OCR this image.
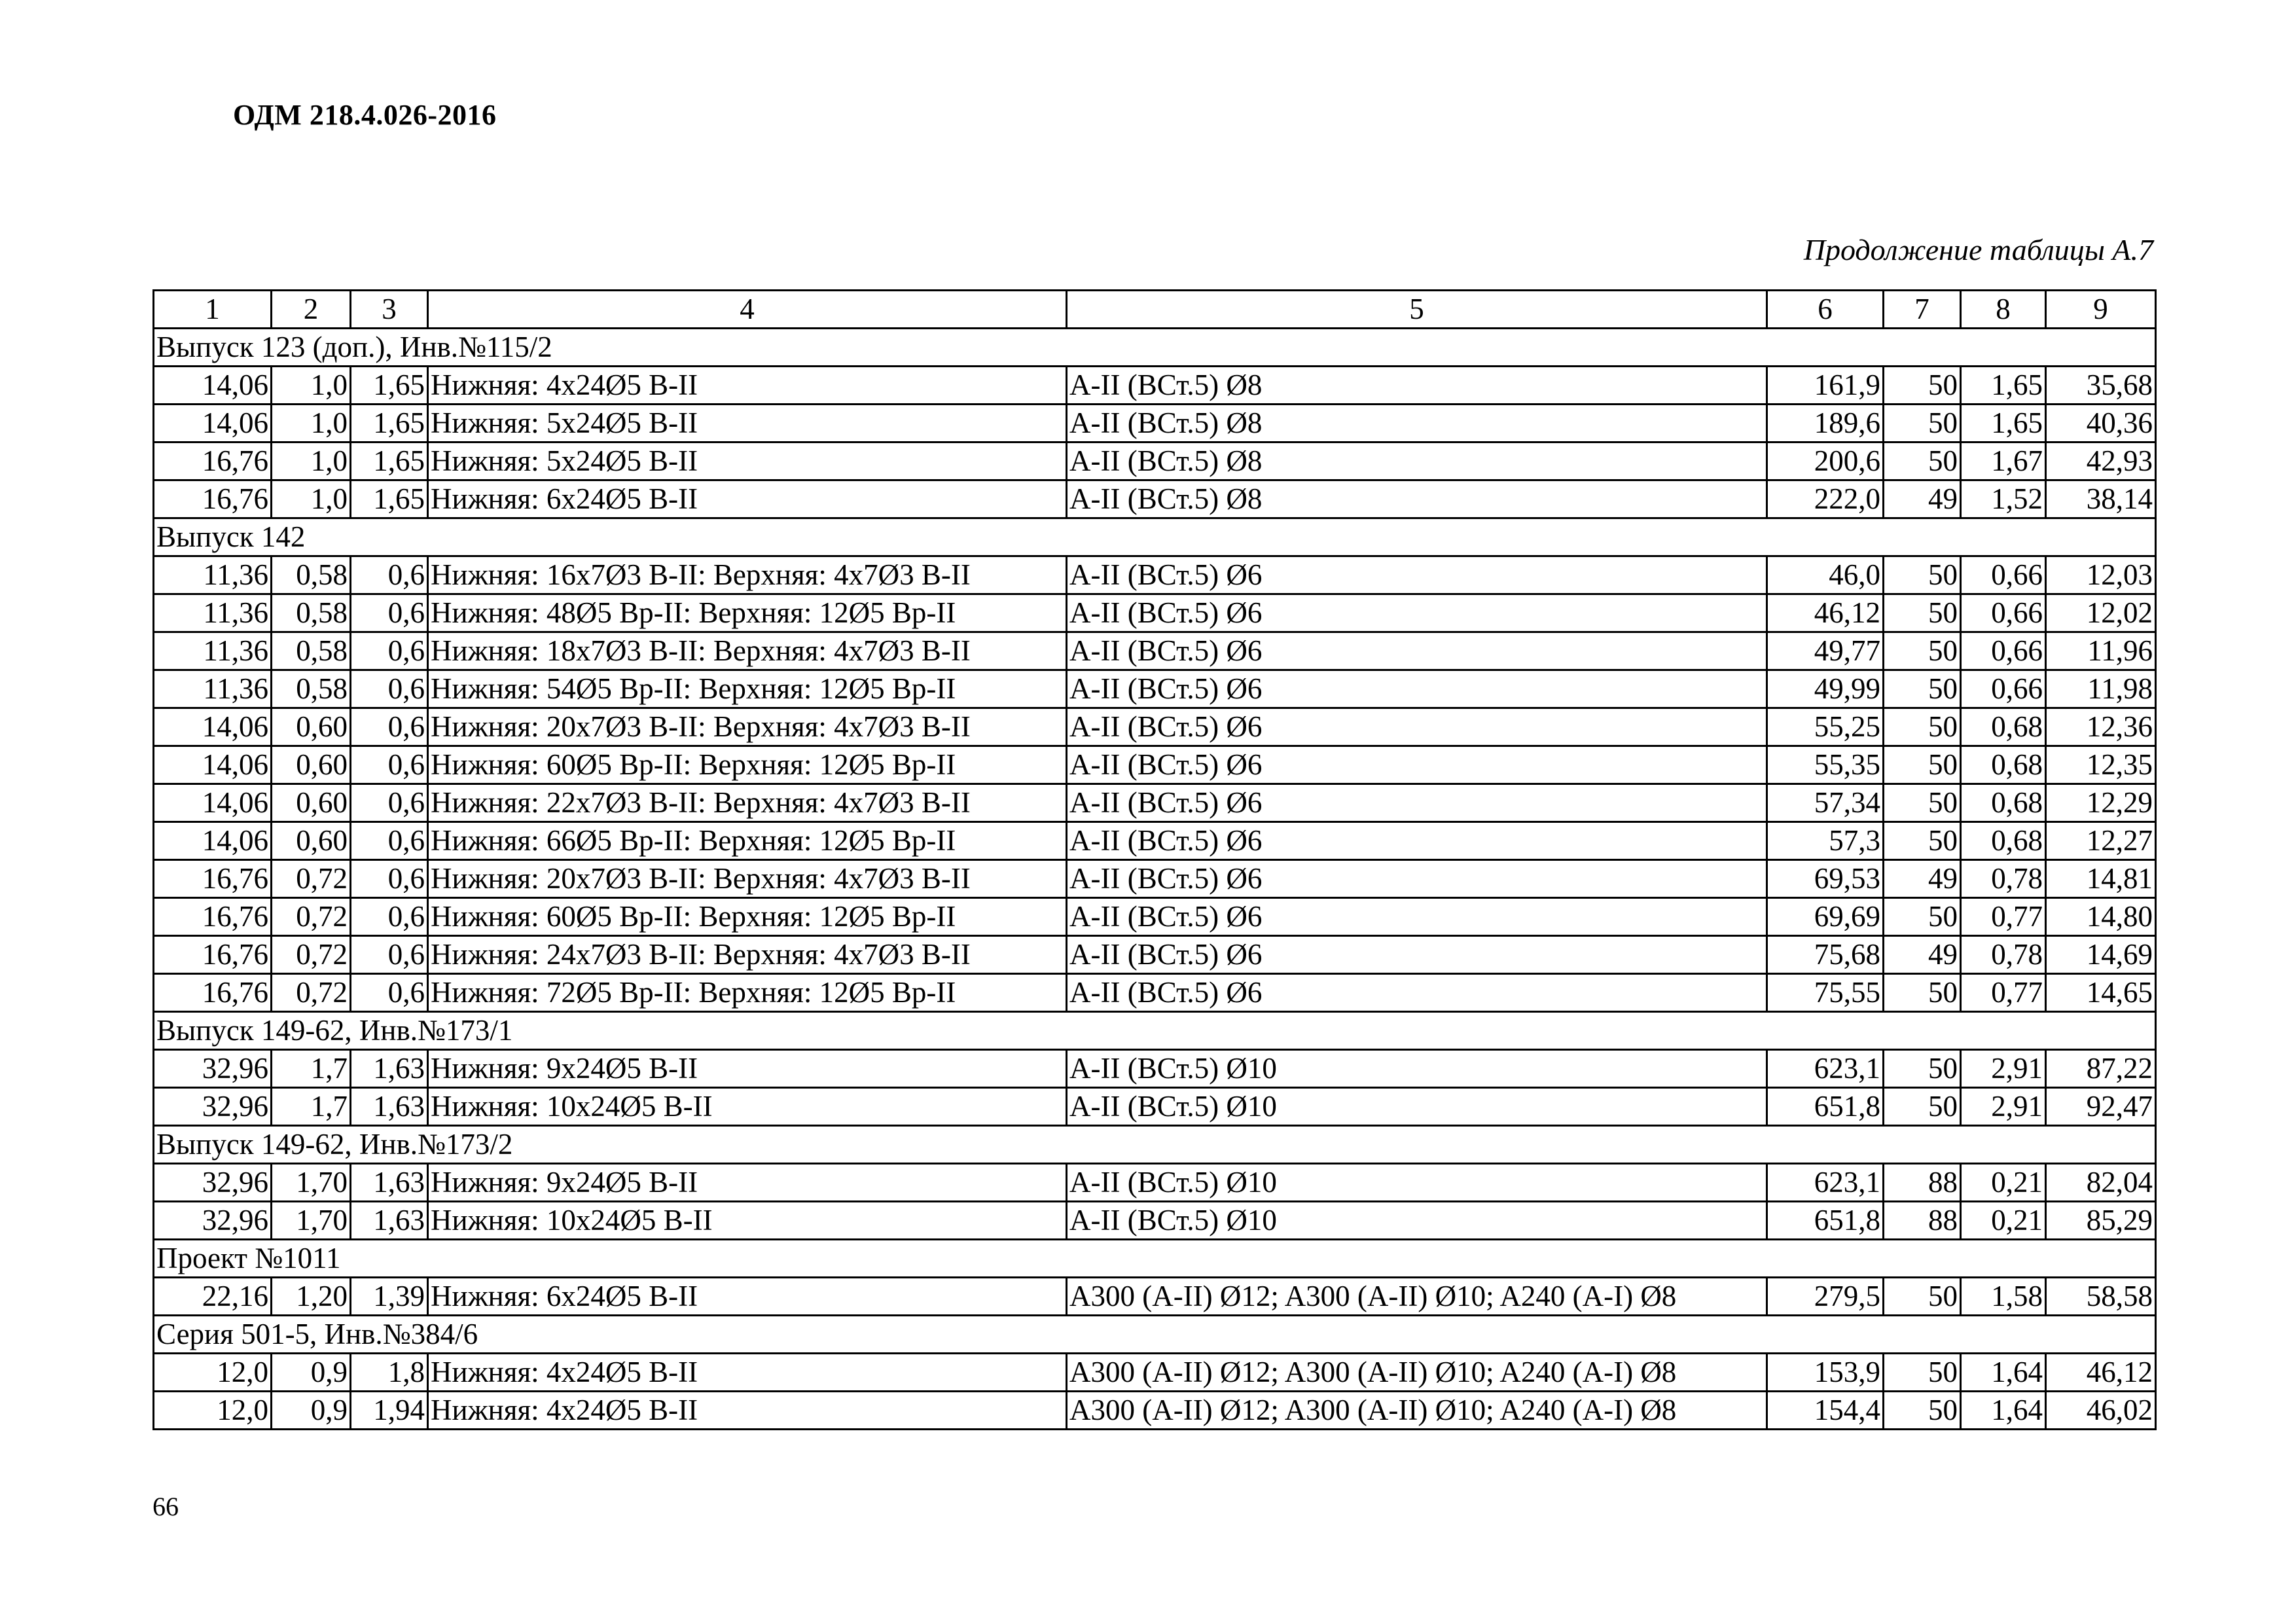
ОДМ 218.4.026-2016
Продолжение таблицы А.7
1	2	3	4	5	6	7	8	9
Выпуск 123 (доп.), Инв.№115/2								
14,06	1,0	1,65	Нижняя: 4х24Ø5 В-II	A-II (ВСт.5) Ø8	161,9	50	1,65	35,68
14,06	1,0	1,65	Нижняя: 5х24Ø5 В-II	A-II (ВСт.5) Ø8	189,6	50	1,65	40,36
16,76	1,0	1,65	Нижняя: 5х24Ø5 В-II	A-II (ВСт.5) Ø8	200,6	50	1,67	42,93
16,76	1,0	1,65	Нижняя: 6х24Ø5 В-II	A-II (ВСт.5) Ø8	222,0	49	1,52	38,14
Выпуск 142								
11,36	0,58	0,6	Нижняя: 16х7Ø3 В-II: Верхняя: 4х7Ø3 В-II	A-II (ВСт.5) Ø6	46,0	50	0,66	12,03
11,36	0,58	0,6	Нижняя: 48Ø5 Вр-II: Верхняя: 12Ø5 Вр-II	A-II (ВСт.5) Ø6	46,12	50	0,66	12,02
11,36	0,58	0,6	Нижняя: 18х7Ø3 В-II: Верхняя: 4х7Ø3 В-II	A-II (ВСт.5) Ø6	49,77	50	0,66	11,96
11,36	0,58	0,6	Нижняя: 54Ø5 Вр-II: Верхняя: 12Ø5 Вр-II	A-II (ВСт.5) Ø6	49,99	50	0,66	11,98
14,06	0,60	0,6	Нижняя: 20х7Ø3 В-II: Верхняя: 4х7Ø3 В-II	A-II (ВСт.5) Ø6	55,25	50	0,68	12,36
14,06	0,60	0,6	Нижняя: 60Ø5 Вр-II: Верхняя: 12Ø5 Вр-II	A-II (ВСт.5) Ø6	55,35	50	0,68	12,35
14,06	0,60	0,6	Нижняя: 22х7Ø3 В-II: Верхняя: 4х7Ø3 В-II	A-II (ВСт.5) Ø6	57,34	50	0,68	12,29
14,06	0,60	0,6	Нижняя: 66Ø5 Вр-II: Верхняя: 12Ø5 Вр-II	A-II (ВСт.5) Ø6	57,3	50	0,68	12,27
16,76	0,72	0,6	Нижняя: 20х7Ø3 В-II: Верхняя: 4х7Ø3 В-II	A-II (ВСт.5) Ø6	69,53	49	0,78	14,81
16,76	0,72	0,6	Нижняя: 60Ø5 Вр-II: Верхняя: 12Ø5 Вр-II	A-II (ВСт.5) Ø6	69,69	50	0,77	14,80
16,76	0,72	0,6	Нижняя: 24х7Ø3 В-II: Верхняя: 4х7Ø3 В-II	A-II (ВСт.5) Ø6	75,68	49	0,78	14,69
16,76	0,72	0,6	Нижняя: 72Ø5 Вр-II: Верхняя: 12Ø5 Вр-II	A-II (ВСт.5) Ø6	75,55	50	0,77	14,65
Выпуск 149-62, Инв.№173/1								
32,96	1,7	1,63	Нижняя: 9х24Ø5 В-II	A-II (ВСт.5) Ø10	623,1	50	2,91	87,22
32,96	1,7	1,63	Нижняя: 10х24Ø5 В-II	A-II (ВСт.5) Ø10	651,8	50	2,91	92,47
Выпуск 149-62, Инв.№173/2								
32,96	1,70	1,63	Нижняя: 9х24Ø5 В-II	A-II (ВСт.5) Ø10	623,1	88	0,21	82,04
32,96	1,70	1,63	Нижняя: 10х24Ø5 В-II	A-II (ВСт.5) Ø10	651,8	88	0,21	85,29
Проект №1011								
22,16	1,20	1,39	Нижняя: 6х24Ø5 В-II	A300 (A-II) Ø12; A300 (A-II) Ø10; A240 (A-I) Ø8	279,5	50	1,58	58,58
Серия 501-5, Инв.№384/6								
12,0	0,9	1,8	Нижняя: 4х24Ø5 В-II	A300 (A-II) Ø12; A300 (A-II) Ø10; A240 (A-I) Ø8	153,9	50	1,64	46,12
12,0	0,9	1,94	Нижняя: 4х24Ø5 В-II	A300 (A-II) Ø12; A300 (A-II) Ø10; A240 (A-I) Ø8	154,4	50	1,64	46,02
66
